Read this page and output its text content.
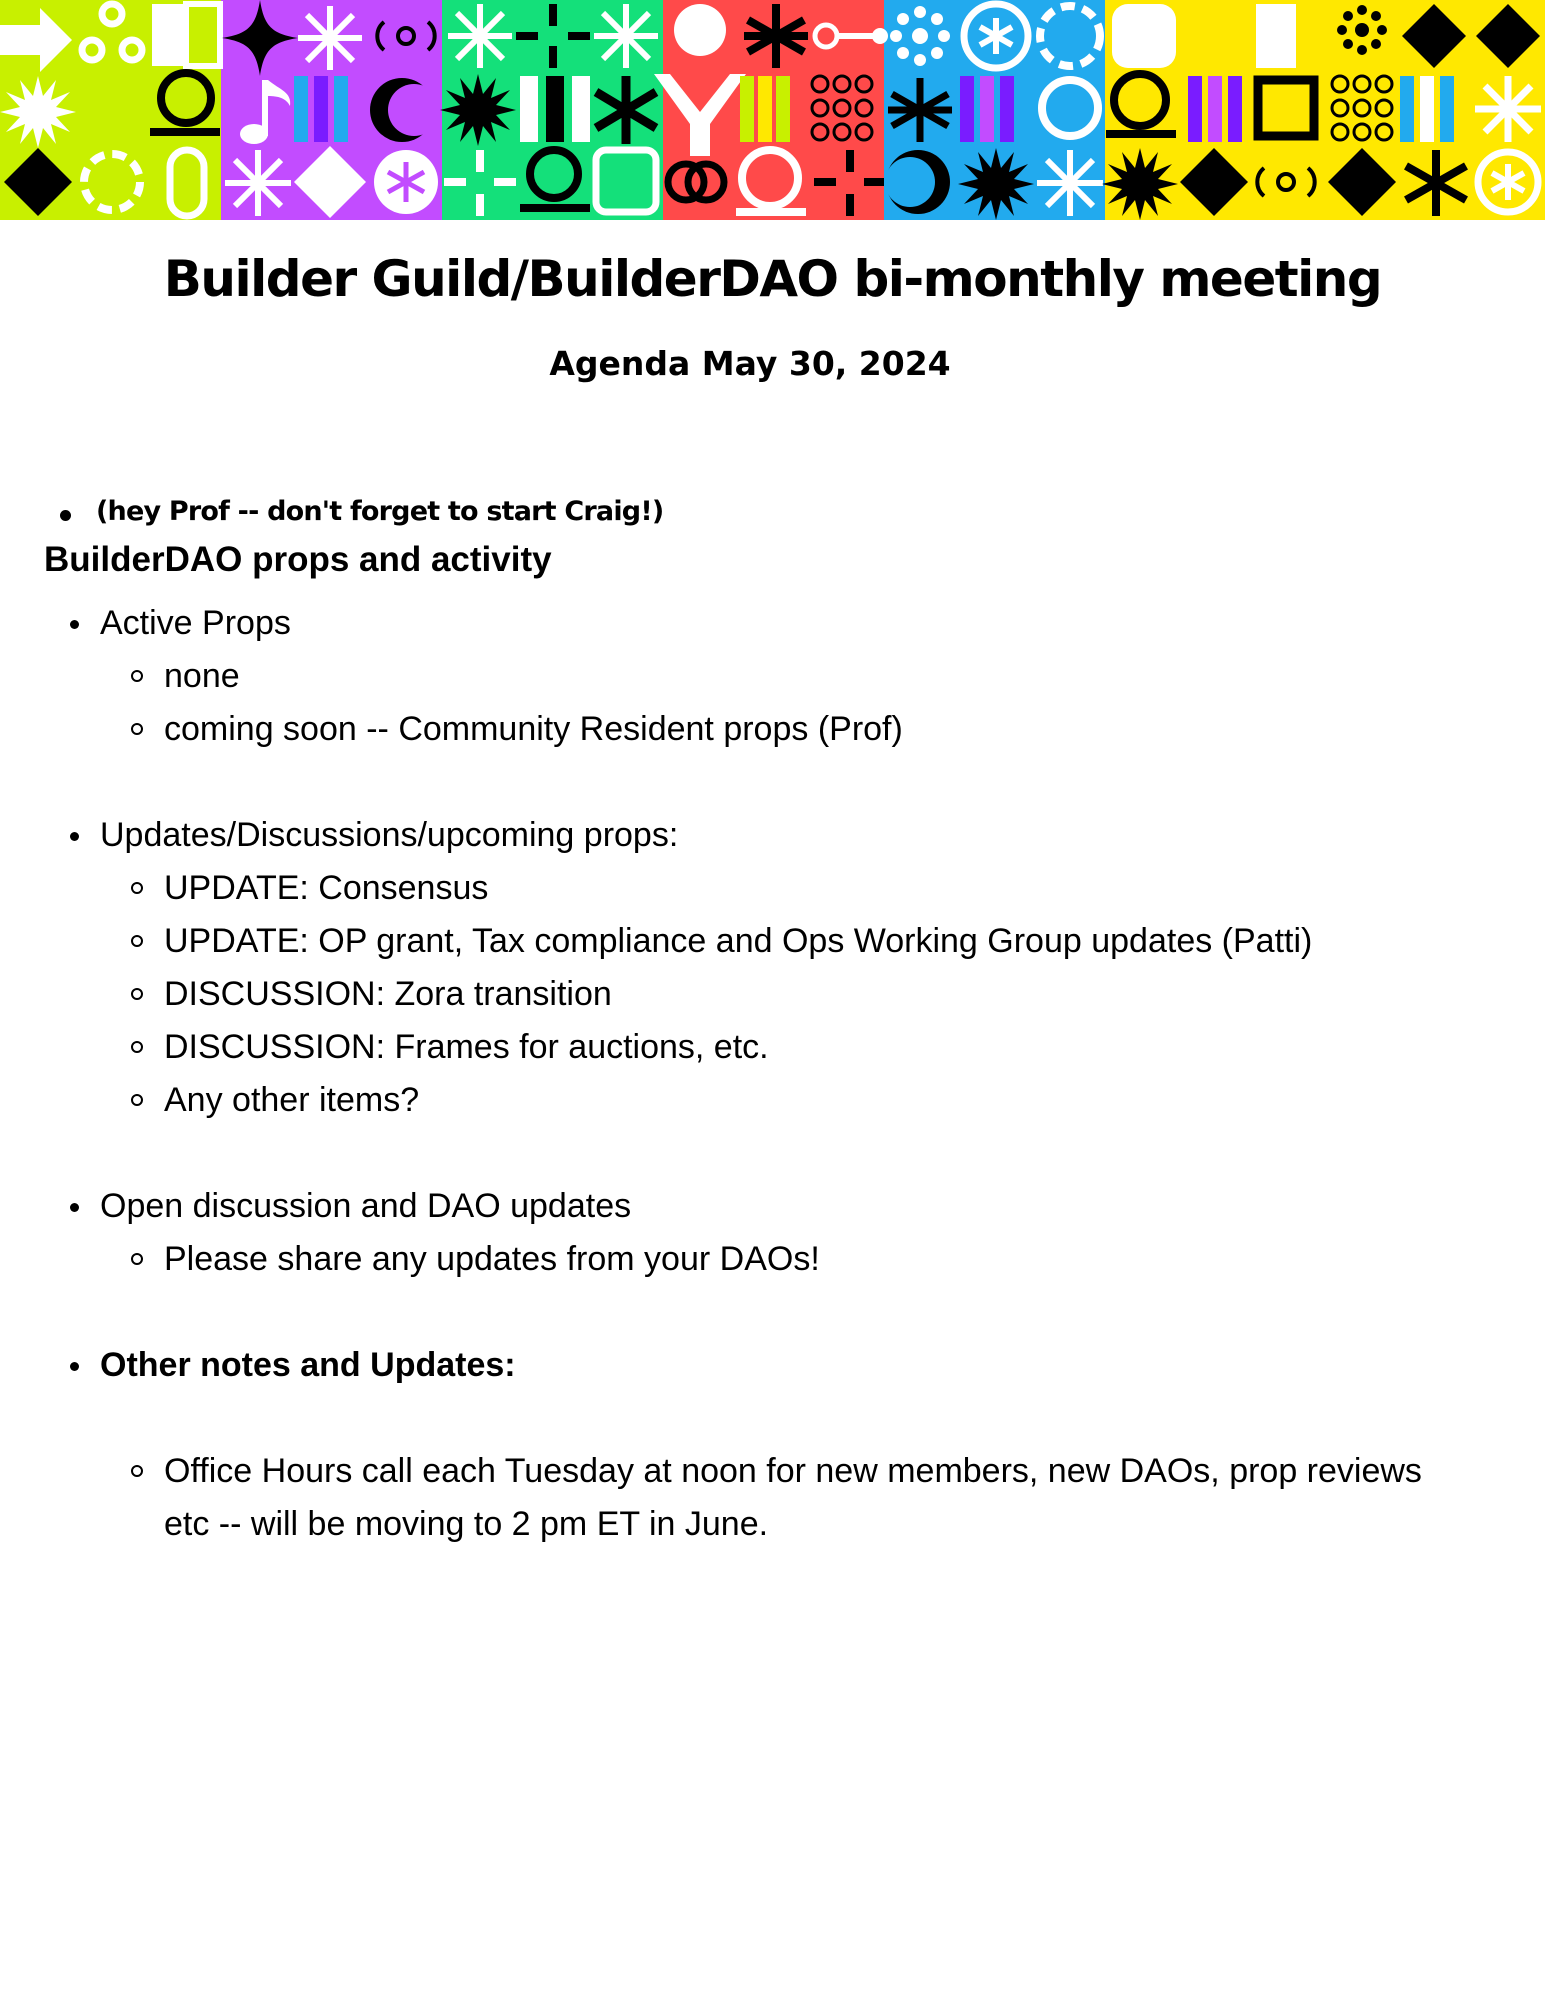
Builder Guild/BuilderDAO bi-monthly meeting
Agenda May 30, 2024
(hey Prof -- don't forget to start Craig!)
BuilderDAO props and activity
Active Props
none
coming soon -- Community Resident props (Prof)
Updates/Discussions/upcoming props:
UPDATE: Consensus
UPDATE: OP grant, Tax compliance and Ops Working Group updates (Patti)
DISCUSSION: Zora transition
DISCUSSION: Frames for auctions, etc.
Any other items?
Open discussion and DAO updates
Please share any updates from your DAOs!
Other notes and Updates:
Office Hours call each Tuesday at noon for new members, new DAOs, prop reviews etc -- will be moving to 2 pm ET in June.
